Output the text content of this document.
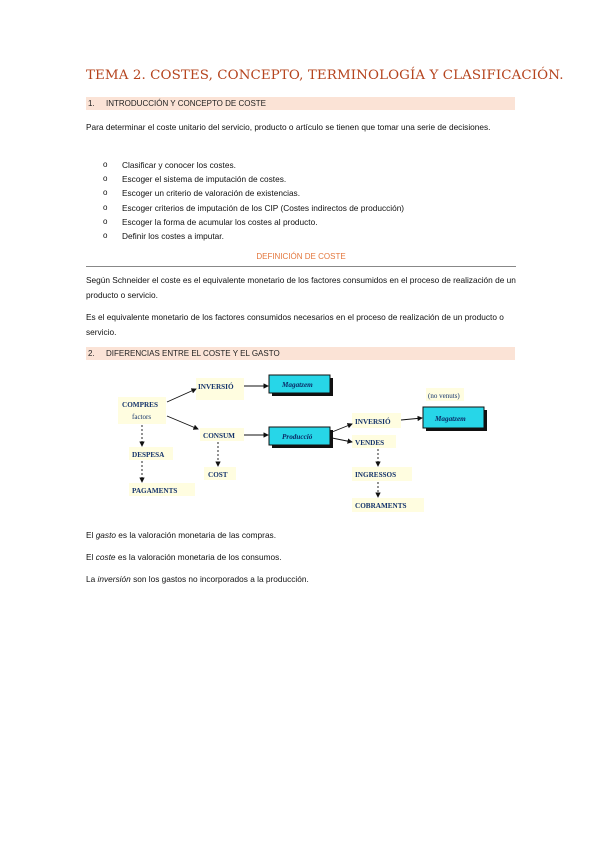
TEMA 2. COSTES, CONCEPTO, TERMINOLOGÍA Y CLASIFICACIÓN.
1. INTRODUCCIÓN Y CONCEPTO DE COSTE

Para determinar el coste unitario del servicio, producto o artículo se tienen que tomar una serie de decisiones.

o Clasificar y conocer los costes.
o Escoger el sistema de imputación de costes.
o Escoger un criterio de valoración de existencias.
o Escoger criterios de imputación de los CIP (Costes indirectos de producción)
o Escoger la forma de acumular los costes al producto.
o Definir los costes a imputar.
DEFINICIÓN DE COSTE

Según Schneider el coste es el equivalente monetario de los factores consumidos en el proceso de realización de un producto o servicio.

Es el equivalente monetario de los factores consumidos necesarios en el proceso de realización de un producto o servicio.

2. DIFERENCIAS ENTRE EL COSTE Y EL GASTO
COMPRES
factors
INVERSIÓ	Magatzem
CONSUM	Producció
DESPESA
PAGAMENTS
COST
INVERSIÓ
(no venuts)
Magatzem
VENDES
INGRESSOS
COBRAMENTS

El gasto es la valoración monetaria de las compras.

El coste es la valoración monetaria de los consumos.

La inversión son los gastos no incorporados a la producción.
